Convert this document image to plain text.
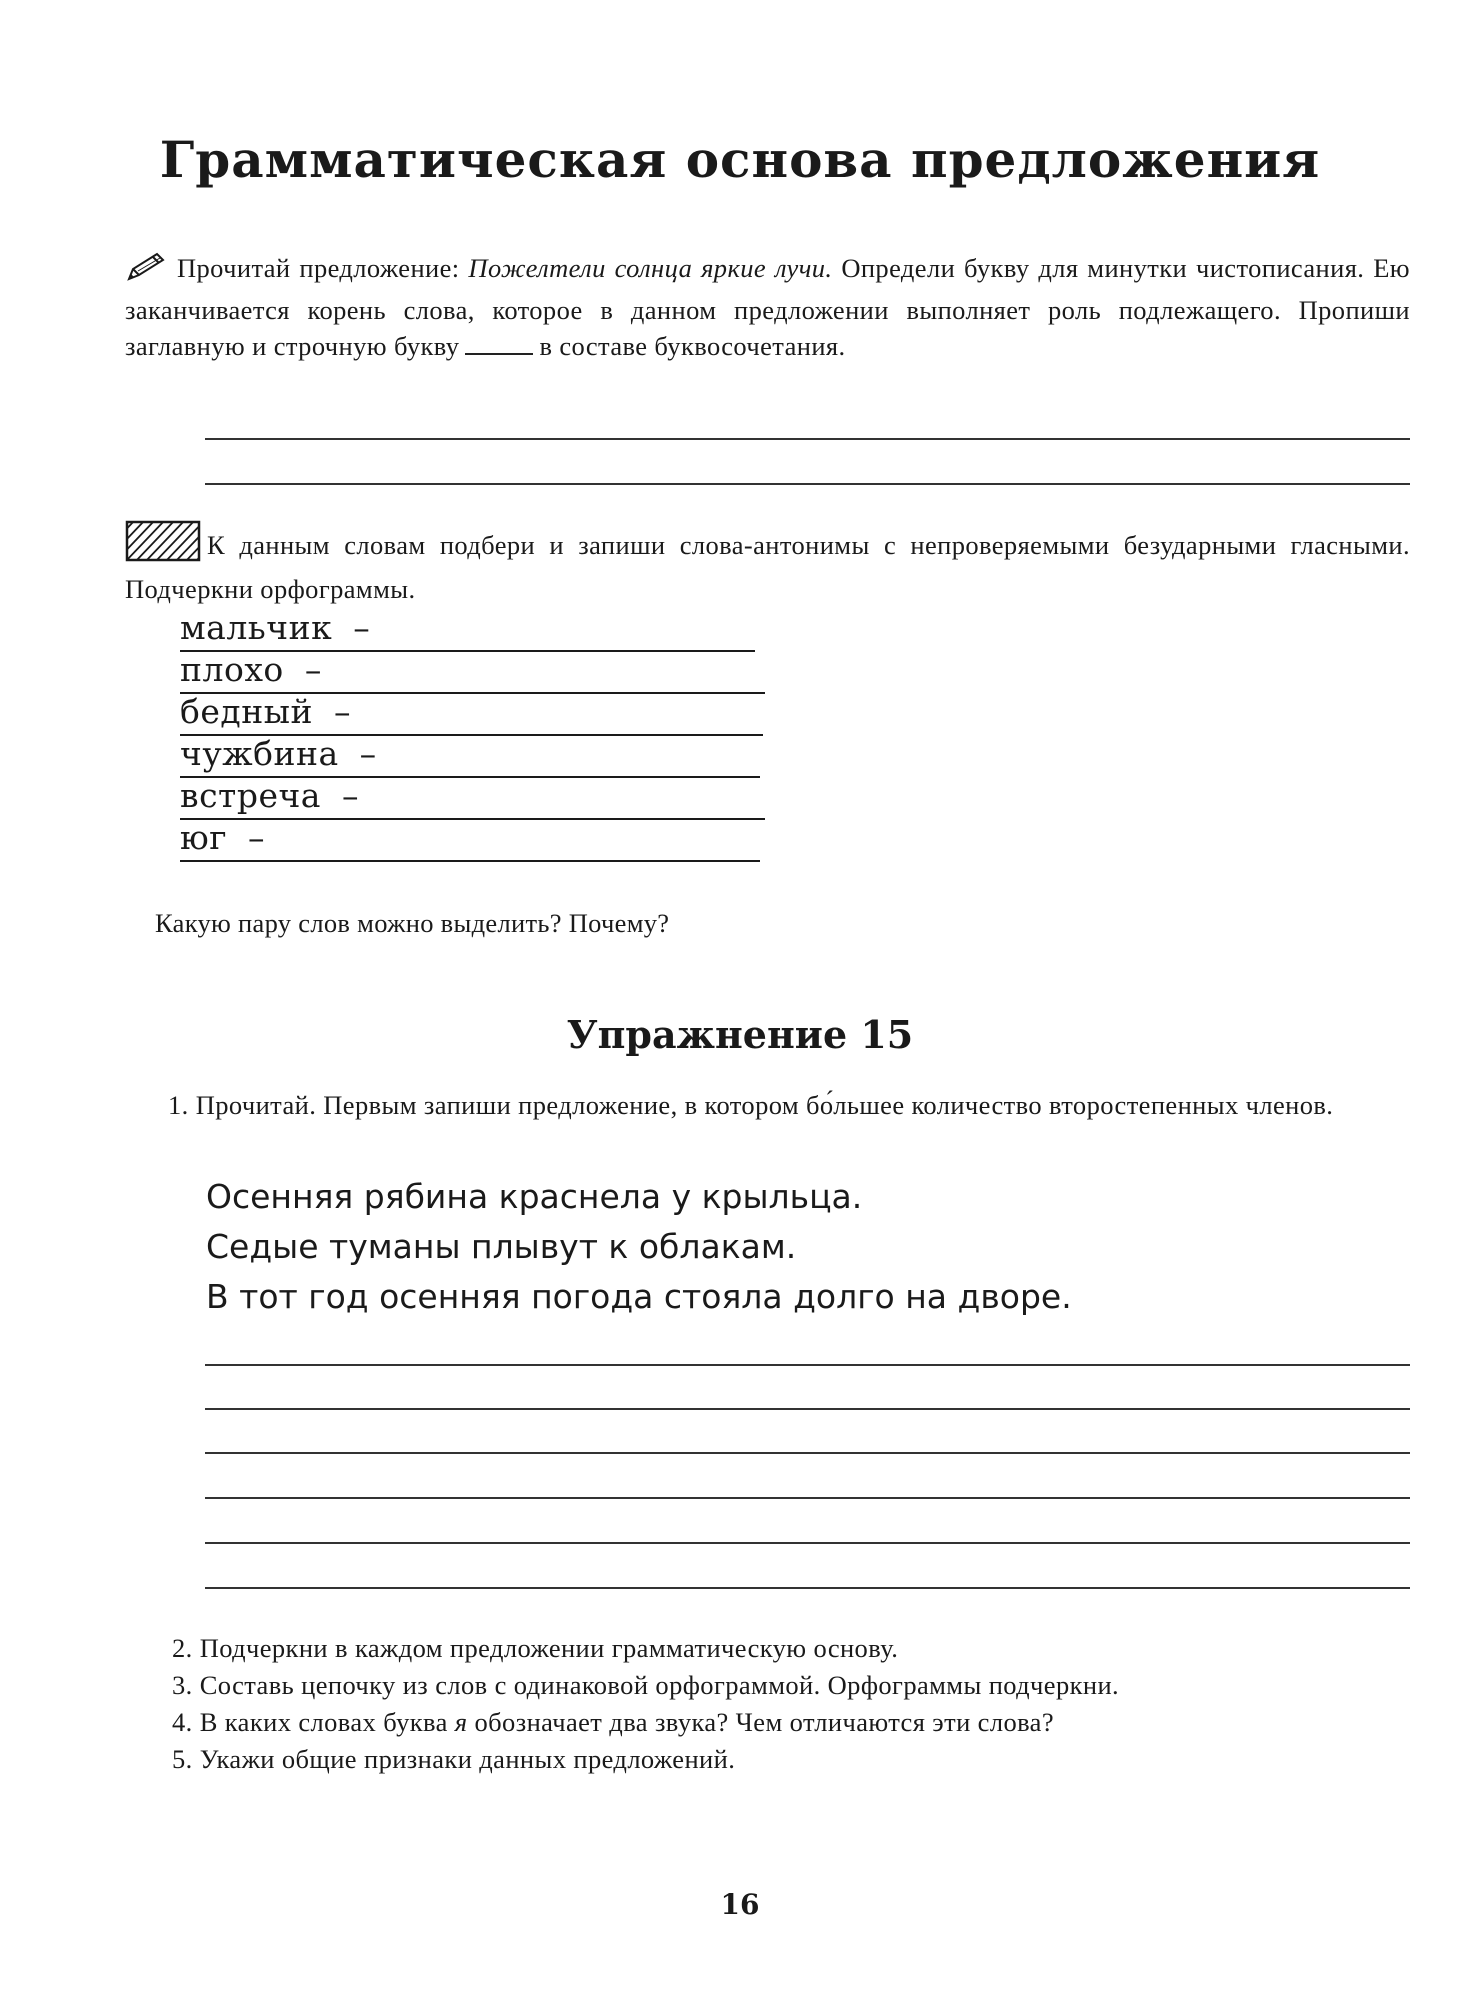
Грамматическая основа предложения
Прочитай предложение: Пожелтели солнца яркие лучи. Определи букву для минутки чистописания. Ею заканчивается корень слова, которое в данном предложении выполняет роль подлежащего. Пропиши заглавную и строчную букву	в составе буквосочетания.
К данным словам подбери и запиши слова-антонимы с непроверяемыми безударными гласными. Подчеркни орфограммы.
мальчик –
плохо –
бедный –
чужбина –
встреча –
юг –
Какую пару слов можно выделить? Почему?
Упражнение 15
1. Прочитай. Первым запиши предложение, в котором бо́льшее количество второстепенных членов.
Осенняя рябина краснела у крыльца.
Седые туманы плывут к облакам.
В тот год осенняя погода стояла долго на дворе.
2. Подчеркни в каждом предложении грамматическую основу.
3. Составь цепочку из слов с одинаковой орфограммой. Орфограммы подчеркни.
4. В каких словах буква я обозначает два звука? Чем отличаются эти слова?
5. Укажи общие признаки данных предложений.
16
